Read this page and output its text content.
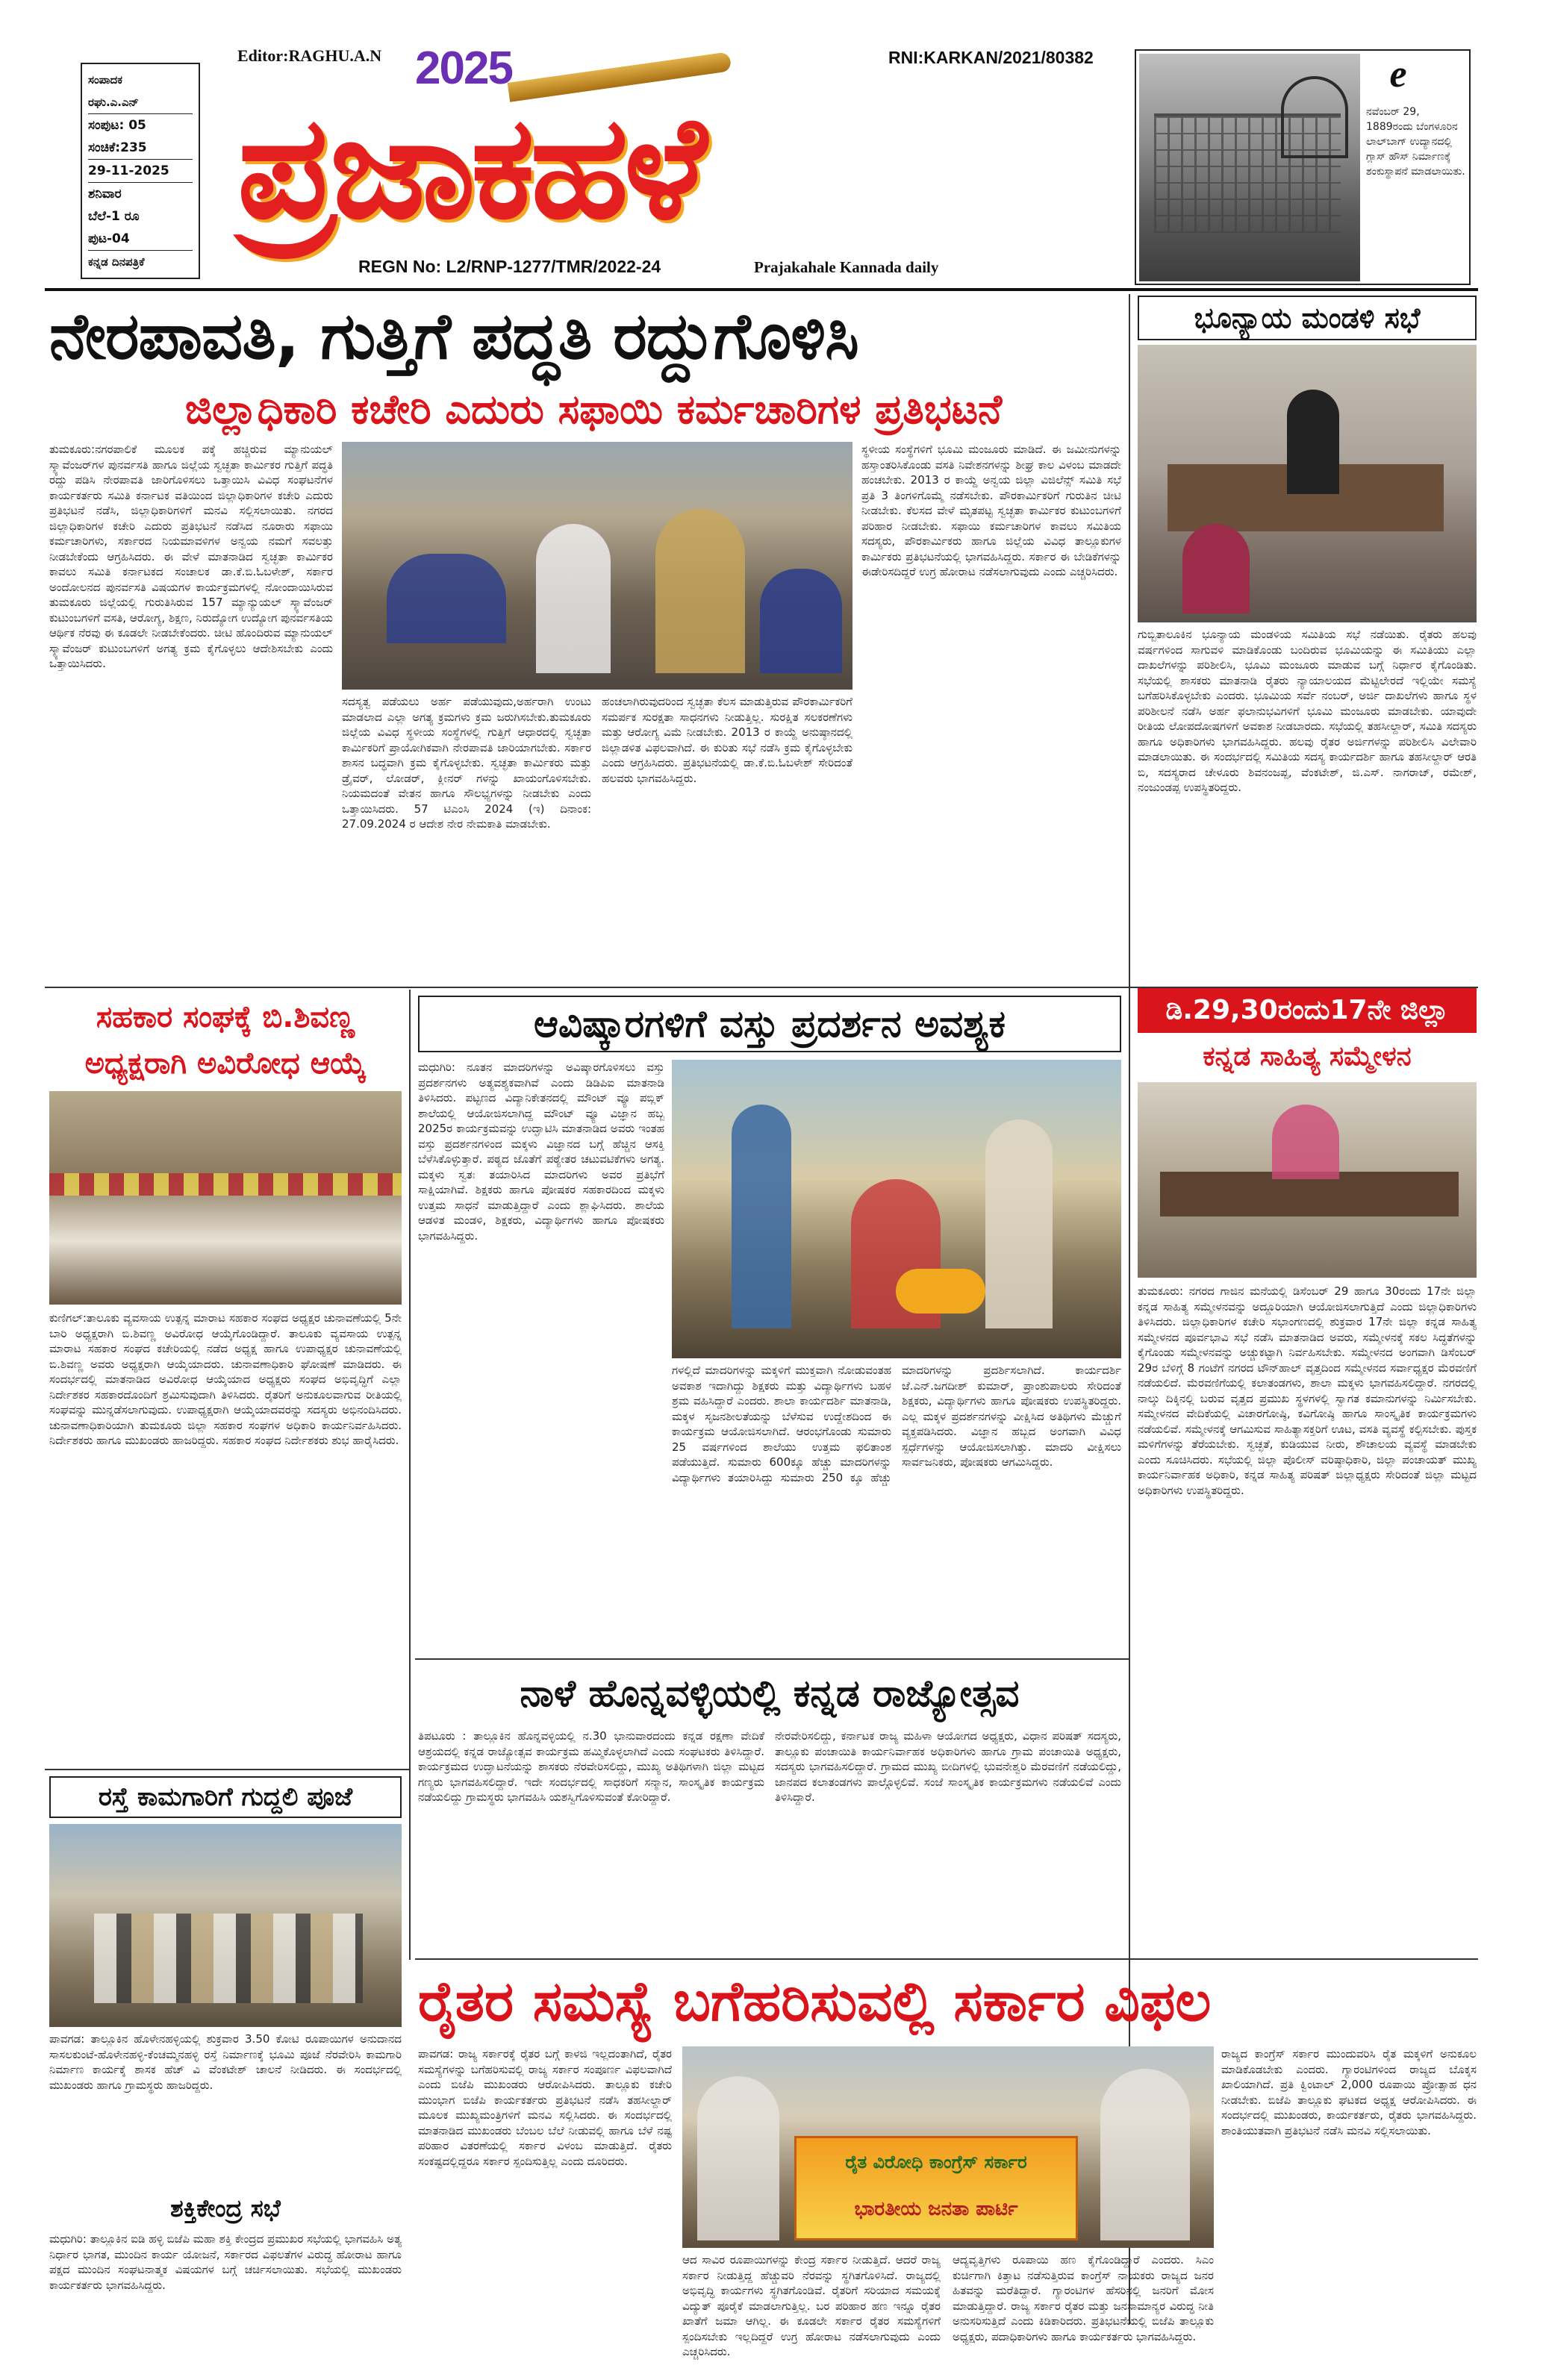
ಸಂಪಾದಕ
ರಘು.ಎ.ಎನ್
ಸಂಪುಟ: 05
ಸಂಚಿಕೆ:235
29-11-2025
ಶನಿವಾರ
ಬೆಲೆ-1 ರೂ
ಪುಟ-04
ಕನ್ನಡ ದಿನಪತ್ರಿಕೆ
Editor:RAGHU.A.N 2025	RNI:KARKAN/2021/80382
ಪ್ರಜಾಕಹಳೆ
REGN No: L2/RNP-1277/TMR/2022-24	Prajakahale Kannada daily
e
ನವೆಂಬರ್ 29, 1889ರಂದು ಬೆಂಗಳೂರಿನ ಲಾಲ್‌ಬಾಗ್ ಉದ್ಯಾನದಲ್ಲಿ ಗ್ಲಾಸ್ ಹೌಸ್ ನಿರ್ಮಾಣಕ್ಕೆ ಶಂಕುಸ್ಥಾಪನೆ ಮಾಡಲಾಯಿತು.
ನೇರಪಾವತಿ, ಗುತ್ತಿಗೆ ಪದ್ಧತಿ ರದ್ದುಗೊಳಿಸಿ
ಜಿಲ್ಲಾಧಿಕಾರಿ ಕಚೇರಿ ಎದುರು ಸಫಾಯಿ ಕರ್ಮಚಾರಿಗಳ ಪ್ರತಿಭಟನೆ
ತುಮಕೂರು:ನಗರಪಾಲಿಕೆ ಮೂಲಕ ಪಕ್ಕೆ ಹಚ್ಚಿರುವ ಮ್ಯಾನುಯಲ್ ಸ್ಕ್ಯಾವೆಂಜರ್‌ಗಳ ಪುನರ್ವಸತಿ ಹಾಗೂ ಜಿಲ್ಲೆಯ ಸ್ವಚ್ಛತಾ ಕಾರ್ಮಿಕರ ಗುತ್ತಿಗೆ ಪದ್ಧತಿ ರದ್ದು ಪಡಿಸಿ ನೇರಪಾವತಿ ಜಾರಿಗೊಳಿಸಲು ಒತ್ತಾಯಿಸಿ ವಿವಿಧ ಸಂಘಟನೆಗಳ ಕಾರ್ಯಕರ್ತರು ಸಮಿತಿ ಕರ್ನಾಟಕ ವತಿಯಿಂದ ಜಿಲ್ಲಾಧಿಕಾರಿಗಳ ಕಚೇರಿ ಎದುರು ಪ್ರತಿಭಟನೆ ನಡೆಸಿ, ಜಿಲ್ಲಾಧಿಕಾರಿಗಳಿಗೆ ಮನವಿ ಸಲ್ಲಿಸಲಾಯಿತು. ನಗರದ ಜಿಲ್ಲಾಧಿಕಾರಿಗಳ ಕಚೇರಿ ಎದುರು ಪ್ರತಿಭಟನೆ ನಡೆಸಿದ ನೂರಾರು ಸಫಾಯಿ ಕರ್ಮಚಾರಿಗಳು, ಸರ್ಕಾರದ ನಿಯಮಾವಳಿಗಳ ಅನ್ವಯ ನಮಗೆ ಸವಲತ್ತು ನೀಡಬೇಕೆಂದು ಆಗ್ರಹಿಸಿದರು. ಈ ವೇಳೆ ಮಾತನಾಡಿದ ಸ್ವಚ್ಛತಾ ಕಾರ್ಮಿಕರ ಕಾವಲು ಸಮಿತಿ ಕರ್ನಾಟಕದ ಸಂಚಾಲಕ ಡಾ.ಕೆ.ಬಿ.ಓಬಳೇಶ್, ಸರ್ಕಾರ ಅಂದೋಲನದ ಪುನರ್ವಸತಿ ವಿಷಯಗಳ ಕಾರ್ಯಕ್ರಮಗಳಲ್ಲಿ ನೋಂದಾಯಿಸಿರುವ ತುಮಕೂರು ಜಿಲ್ಲೆಯಲ್ಲಿ ಗುರುತಿಸಿರುವ 157 ಮ್ಯಾನ್ಯುಯಲ್ ಸ್ಕ್ಯಾವೆಂಜರ್ ಕುಟುಂಬಗಳಿಗೆ ವಸತಿ, ಆರೋಗ್ಯ, ಶಿಕ್ಷಣ, ನಿರುದ್ಯೋಗ ಉದ್ಯೋಗ ಪುನರ್ವಸತಿಯ ಆರ್ಥಿಕ ನೆರವು ಈ ಕೂಡಲೇ ನೀಡಬೇಕೆಂದರು. ಚೀಟಿ ಹೊಂದಿರುವ ಮ್ಯಾನುಯಲ್ ಸ್ಕ್ಯಾವೆಂಜರ್ ಕುಟುಂಬಗಳಿಗೆ ಅಗತ್ಯ ಕ್ರಮ ಕೈಗೊಳ್ಳಲು ಆದೇಶಿಸಬೇಕು ಎಂದು ಒತ್ತಾಯಿಸಿದರು.
ಸದಸ್ಯತ್ವ ಪಡೆಯಲು ಅರ್ಹ ಪಡೆಯುವುದು,ಅರ್ಹರಾಗಿ ಉಂಟು ಮಾಡಲಾದ ಎಲ್ಲಾ ಅಗತ್ಯ ಕ್ರಮಗಳು ಕ್ರಮ ಜರುಗಿಸಬೇಕು.ತುಮಕೂರು ಜಿಲ್ಲೆಯ ವಿವಿಧ ಸ್ಥಳೀಯ ಸಂಸ್ಥೆಗಳಲ್ಲಿ ಗುತ್ತಿಗೆ ಆಧಾರದಲ್ಲಿ ಸ್ವಚ್ಛತಾ ಕಾರ್ಮಿಕರಿಗೆ ಪ್ರಾಯೋಗಿಕವಾಗಿ ನೇರಪಾವತಿ ಜಾರಿಯಾಗಬೇಕು. ಸರ್ಕಾರ ಶಾಸನ ಬದ್ಧವಾಗಿ ಕ್ರಮ ಕೈಗೊಳ್ಳಬೇಕು. ಸ್ವಚ್ಛತಾ ಕಾರ್ಮಿಕರು ಮತ್ತು ಡ್ರೈವರ್, ಲೋಡರ್, ಕ್ಲೀನರ್ ಗಳನ್ನು ಖಾಯಂಗೊಳಿಸಬೇಕು. ನಿಯಮದಂತೆ ವೇತನ ಹಾಗೂ ಸೌಲಭ್ಯಗಳನ್ನು ನೀಡಬೇಕು ಎಂದು ಒತ್ತಾಯಿಸಿದರು. 57 ಟಿಎಂಸಿ 2024 (ಇ) ದಿನಾಂಕ: 27.09.2024 ರ ಆದೇಶ ನೇರ ನೇಮಕಾತಿ ಮಾಡಬೇಕು.
ಹಂಚಲಾಗಿರುವುದರಿಂದ ಸ್ವಚ್ಛತಾ ಕೆಲಸ ಮಾಡುತ್ತಿರುವ ಪೌರಕಾರ್ಮಿಕರಿಗೆ ಸಮರ್ಪಕ ಸುರಕ್ಷತಾ ಸಾಧನಗಳು ನೀಡುತ್ತಿಲ್ಲ. ಸುರಕ್ಷಿತ ಸಲಕರಣೆಗಳು ಮತ್ತು ಆರೋಗ್ಯ ವಿಮೆ ನೀಡಬೇಕು. 2013 ರ ಕಾಯ್ದೆ ಅನುಷ್ಠಾನದಲ್ಲಿ ಜಿಲ್ಲಾಡಳಿತ ವಿಫಲವಾಗಿದೆ. ಈ ಕುರಿತು ಸಭೆ ನಡೆಸಿ ಕ್ರಮ ಕೈಗೊಳ್ಳಬೇಕು ಎಂದು ಆಗ್ರಹಿಸಿದರು. ಪ್ರತಿಭಟನೆಯಲ್ಲಿ ಡಾ.ಕೆ.ಬಿ.ಓಬಳೇಶ್ ಸೇರಿದಂತೆ ಹಲವರು ಭಾಗವಹಿಸಿದ್ದರು.
ಸ್ಥಳೀಯ ಸಂಸ್ಥೆಗಳಿಗೆ ಭೂಮಿ ಮಂಜೂರು ಮಾಡಿದೆ. ಈ ಜಮೀನುಗಳನ್ನು ಹಸ್ತಾಂತರಿಸಿಕೊಂಡು ವಸತಿ ನಿವೇಶನಗಳನ್ನು ಶೀಘ್ರ ಕಾಲ ವಿಳಂಬ ಮಾಡದೇ ಹಂಚಬೇಕು. 2013 ರ ಕಾಯ್ದೆ ಅನ್ವಯ ಜಿಲ್ಲಾ ವಿಜಿಲೆನ್ಸ್ ಸಮಿತಿ ಸಭೆ ಪ್ರತಿ 3 ತಿಂಗಳಿಗೊಮ್ಮೆ ನಡೆಸಬೇಕು. ಪೌರಕಾರ್ಮಿಕರಿಗೆ ಗುರುತಿನ ಚೀಟಿ ನೀಡಬೇಕು. ಕೆಲಸದ ವೇಳೆ ಮೃತಪಟ್ಟ ಸ್ವಚ್ಛತಾ ಕಾರ್ಮಿಕರ ಕುಟುಂಬಗಳಿಗೆ ಪರಿಹಾರ ನೀಡಬೇಕು. ಸಫಾಯಿ ಕರ್ಮಚಾರಿಗಳ ಕಾವಲು ಸಮಿತಿಯ ಸದಸ್ಯರು, ಪೌರಕಾರ್ಮಿಕರು ಹಾಗೂ ಜಿಲ್ಲೆಯ ವಿವಿಧ ತಾಲ್ಲೂಕುಗಳ ಕಾರ್ಮಿಕರು ಪ್ರತಿಭಟನೆಯಲ್ಲಿ ಭಾಗವಹಿಸಿದ್ದರು. ಸರ್ಕಾರ ಈ ಬೇಡಿಕೆಗಳನ್ನು ಈಡೇರಿಸದಿದ್ದರೆ ಉಗ್ರ ಹೋರಾಟ ನಡೆಸಲಾಗುವುದು ಎಂದು ಎಚ್ಚರಿಸಿದರು.
ಭೂನ್ಯಾಯ ಮಂಡಳಿ ಸಭೆ
ಗುಬ್ಬಿತಾಲೂಕಿನ ಭೂನ್ಯಾಯ ಮಂಡಳಿಯ ಸಮಿತಿಯ ಸಭೆ ನಡೆಯಿತು. ರೈತರು ಹಲವು ವರ್ಷಗಳಿಂದ ಸಾಗುವಳಿ ಮಾಡಿಕೊಂಡು ಬಂದಿರುವ ಭೂಮಿಯನ್ನು ಈ ಸಮಿತಿಯು ಎಲ್ಲಾ ದಾಖಲೆಗಳನ್ನು ಪರಿಶೀಲಿಸಿ, ಭೂಮಿ ಮಂಜೂರು ಮಾಡುವ ಬಗ್ಗೆ ನಿರ್ಧಾರ ಕೈಗೊಂಡಿತು. ಸಭೆಯಲ್ಲಿ ಶಾಸಕರು ಮಾತನಾಡಿ ರೈತರು ನ್ಯಾಯಾಲಯದ ಮೆಟ್ಟಿಲೇರದೆ ಇಲ್ಲಿಯೇ ಸಮಸ್ಯೆ ಬಗೆಹರಿಸಿಕೊಳ್ಳಬೇಕು ಎಂದರು. ಭೂಮಿಯ ಸರ್ವೆ ನಂಬರ್, ಅರ್ಜಿ ದಾಖಲೆಗಳು ಹಾಗೂ ಸ್ಥಳ ಪರಿಶೀಲನೆ ನಡೆಸಿ ಅರ್ಹ ಫಲಾನುಭವಿಗಳಿಗೆ ಭೂಮಿ ಮಂಜೂರು ಮಾಡಬೇಕು. ಯಾವುದೇ ರೀತಿಯ ಲೋಪದೋಷಗಳಿಗೆ ಅವಕಾಶ ನೀಡಬಾರದು. ಸಭೆಯಲ್ಲಿ ತಹಸೀಲ್ದಾರ್, ಸಮಿತಿ ಸದಸ್ಯರು ಹಾಗೂ ಅಧಿಕಾರಿಗಳು ಭಾಗವಹಿಸಿದ್ದರು. ಹಲವು ರೈತರ ಅರ್ಜಿಗಳನ್ನು ಪರಿಶೀಲಿಸಿ ವಿಲೇವಾರಿ ಮಾಡಲಾಯಿತು. ಈ ಸಂದರ್ಭದಲ್ಲಿ ಸಮಿತಿಯ ಸದಸ್ಯ ಕಾರ್ಯದರ್ಶಿ ಹಾಗೂ ತಹಸೀಲ್ದಾರ್ ಆರತಿ ಬಿ, ಸದಸ್ಯರಾದ ಚೇಳೂರು ಶಿವನಂಜಪ್ಪ, ವೆಂಕಟೇಶ್, ಜಿ.ಎಸ್. ನಾಗರಾಜ್, ರಮೇಶ್, ನಂಜುಂಡಪ್ಪ ಉಪಸ್ಥಿತರಿದ್ದರು.
ಸಹಕಾರ ಸಂಘಕ್ಕೆ ಬಿ.ಶಿವಣ್ಣ
ಅಧ್ಯಕ್ಷರಾಗಿ ಅವಿರೋಧ ಆಯ್ಕೆ
ಕುಣಿಗಲ್:ತಾಲೂಕು ವ್ಯವಸಾಯ ಉತ್ಪನ್ನ ಮಾರಾಟ ಸಹಕಾರ ಸಂಘದ ಅಧ್ಯಕ್ಷರ ಚುನಾವಣೆಯಲ್ಲಿ 5ನೇ ಬಾರಿ ಅಧ್ಯಕ್ಷರಾಗಿ ಬಿ.ಶಿವಣ್ಣ ಅವಿರೋಧ ಆಯ್ಕೆಗೊಂಡಿದ್ದಾರೆ. ತಾಲೂಕು ವ್ಯವಸಾಯ ಉತ್ಪನ್ನ ಮಾರಾಟ ಸಹಕಾರ ಸಂಘದ ಕಚೇರಿಯಲ್ಲಿ ನಡೆದ ಅಧ್ಯಕ್ಷ ಹಾಗೂ ಉಪಾಧ್ಯಕ್ಷರ ಚುನಾವಣೆಯಲ್ಲಿ ಬಿ.ಶಿವಣ್ಣ ಅವರು ಅಧ್ಯಕ್ಷರಾಗಿ ಆಯ್ಕೆಯಾದರು. ಚುನಾವಣಾಧಿಕಾರಿ ಘೋಷಣೆ ಮಾಡಿದರು. ಈ ಸಂದರ್ಭದಲ್ಲಿ ಮಾತನಾಡಿದ ಅವಿರೋಧ ಆಯ್ಕೆಯಾದ ಅಧ್ಯಕ್ಷರು ಸಂಘದ ಅಭಿವೃದ್ಧಿಗೆ ಎಲ್ಲಾ ನಿರ್ದೇಶಕರ ಸಹಕಾರದೊಂದಿಗೆ ಶ್ರಮಿಸುವುದಾಗಿ ತಿಳಿಸಿದರು. ರೈತರಿಗೆ ಅನುಕೂಲವಾಗುವ ರೀತಿಯಲ್ಲಿ ಸಂಘವನ್ನು ಮುನ್ನಡೆಸಲಾಗುವುದು. ಉಪಾಧ್ಯಕ್ಷರಾಗಿ ಆಯ್ಕೆಯಾದವರನ್ನು ಸದಸ್ಯರು ಅಭಿನಂದಿಸಿದರು. ಚುನಾವಣಾಧಿಕಾರಿಯಾಗಿ ತುಮಕೂರು ಜಿಲ್ಲಾ ಸಹಕಾರ ಸಂಘಗಳ ಅಧಿಕಾರಿ ಕಾರ್ಯನಿರ್ವಹಿಸಿದರು. ನಿರ್ದೇಶಕರು ಹಾಗೂ ಮುಖಂಡರು ಹಾಜರಿದ್ದರು. ಸಹಕಾರ ಸಂಘದ ನಿರ್ದೇಶಕರು ಶುಭ ಹಾರೈಸಿದರು.
ಆವಿಷ್ಕಾರಗಳಿಗೆ ವಸ್ತು ಪ್ರದರ್ಶನ ಅವಶ್ಯಕ
ಮಧುಗಿರಿ: ನೂತನ ಮಾದರಿಗಳನ್ನು ಅವಿಷ್ಕಾರಗೊಳಿಸಲು ವಸ್ತು ಪ್ರದರ್ಶನಗಳು ಅತ್ಯವಶ್ಯಕವಾಗಿವೆ ಎಂದು ಡಿಡಿಪಿಐ ಮಾತನಾಡಿ ತಿಳಿಸಿದರು. ಪಟ್ಟಣದ ವಿದ್ಯಾನಿಕೇತನದಲ್ಲಿ ಮೌಂಟ್ ವ್ಯೂ ಪಬ್ಲಿಕ್ ಶಾಲೆಯಲ್ಲಿ ಆಯೋಜಿಸಲಾಗಿದ್ದ ಮೌಂಟ್ ವ್ಯೂ ವಿಜ್ಞಾನ ಹಬ್ಬ 2025ರ ಕಾರ್ಯಕ್ರಮವನ್ನು ಉದ್ಘಾಟಿಸಿ ಮಾತನಾಡಿದ ಅವರು ಇಂತಹ ವಸ್ತು ಪ್ರದರ್ಶನಗಳಿಂದ ಮಕ್ಕಳು ವಿಜ್ಞಾನದ ಬಗ್ಗೆ ಹೆಚ್ಚಿನ ಆಸಕ್ತಿ ಬೆಳೆಸಿಕೊಳ್ಳುತ್ತಾರೆ. ಪಠ್ಯದ ಜೊತೆಗೆ ಪಠ್ಯೇತರ ಚಟುವಟಿಕೆಗಳು ಅಗತ್ಯ. ಮಕ್ಕಳು ಸ್ವತಃ ತಯಾರಿಸಿದ ಮಾದರಿಗಳು ಅವರ ಪ್ರತಿಭೆಗೆ ಸಾಕ್ಷಿಯಾಗಿವೆ. ಶಿಕ್ಷಕರು ಹಾಗೂ ಪೋಷಕರ ಸಹಕಾರದಿಂದ ಮಕ್ಕಳು ಉತ್ತಮ ಸಾಧನೆ ಮಾಡುತ್ತಿದ್ದಾರೆ ಎಂದು ಶ್ಲಾಘಿಸಿದರು. ಶಾಲೆಯ ಆಡಳಿತ ಮಂಡಳಿ, ಶಿಕ್ಷಕರು, ವಿದ್ಯಾರ್ಥಿಗಳು ಹಾಗೂ ಪೋಷಕರು ಭಾಗವಹಿಸಿದ್ದರು.
ಗಳಲ್ಲಿದೆ ಮಾದರಿಗಳನ್ನು ಮಕ್ಕಳಿಗೆ ಮುಕ್ತವಾಗಿ ನೋಡುವಂತಹ ಅವಕಾಶ ಇದಾಗಿದ್ದು ಶಿಕ್ಷಕರು ಮತ್ತು ವಿದ್ಯಾರ್ಥಿಗಳು ಬಹಳ ಶ್ರಮ ವಹಿಸಿದ್ದಾರೆ ಎಂದರು. ಶಾಲಾ ಕಾರ್ಯದರ್ಶಿ ಮಾತನಾಡಿ, ಮಕ್ಕಳ ಸೃಜನಶೀಲತೆಯನ್ನು ಬೆಳೆಸುವ ಉದ್ದೇಶದಿಂದ ಈ ಕಾರ್ಯಕ್ರಮ ಆಯೋಜಿಸಲಾಗಿದೆ. ಆರಂಭಗೊಂಡು ಸುಮಾರು 25 ವರ್ಷಗಳಿಂದ ಶಾಲೆಯು ಉತ್ತಮ ಫಲಿತಾಂಶ ಪಡೆಯುತ್ತಿದೆ. ಸುಮಾರು 600ಕ್ಕೂ ಹೆಚ್ಚು ಮಾದರಿಗಳನ್ನು ವಿದ್ಯಾರ್ಥಿಗಳು ತಯಾರಿಸಿದ್ದು ಸುಮಾರು 250 ಕ್ಕೂ ಹೆಚ್ಚು ಮಾದರಿಗಳನ್ನು ಪ್ರದರ್ಶಿಸಲಾಗಿದೆ. ಕಾರ್ಯದರ್ಶಿ ಜೆ.ಎನ್.ಜಗದೀಶ್ ಕುಮಾರ್, ಪ್ರಾಂಶುಪಾಲರು ಸೇರಿದಂತೆ ಶಿಕ್ಷಕರು, ವಿದ್ಯಾರ್ಥಿಗಳು ಹಾಗೂ ಪೋಷಕರು ಉಪಸ್ಥಿತರಿದ್ದರು. ಎಲ್ಲ ಮಕ್ಕಳ ಪ್ರದರ್ಶನಗಳನ್ನು ವೀಕ್ಷಿಸಿದ ಅತಿಥಿಗಳು ಮೆಚ್ಚುಗೆ ವ್ಯಕ್ತಪಡಿಸಿದರು. ವಿಜ್ಞಾನ ಹಬ್ಬದ ಅಂಗವಾಗಿ ವಿವಿಧ ಸ್ಪರ್ಧೆಗಳನ್ನು ಆಯೋಜಿಸಲಾಗಿತ್ತು. ಮಾದರಿ ವೀಕ್ಷಿಸಲು ಸಾರ್ವಜನಿಕರು, ಪೋಷಕರು ಆಗಮಿಸಿದ್ದರು.
ಡಿ.29,30ರಂದು17ನೇ ಜಿಲ್ಲಾ
ಕನ್ನಡ ಸಾಹಿತ್ಯ ಸಮ್ಮೇಳನ
ತುಮಕೂರು: ನಗರದ ಗಾಜಿನ ಮನೆಯಲ್ಲಿ ಡಿಸೆಂಬರ್ 29 ಹಾಗೂ 30ರಂದು 17ನೇ ಜಿಲ್ಲಾ ಕನ್ನಡ ಸಾಹಿತ್ಯ ಸಮ್ಮೇಳನವನ್ನು ಅದ್ದೂರಿಯಾಗಿ ಆಯೋಜಿಸಲಾಗುತ್ತಿದೆ ಎಂದು ಜಿಲ್ಲಾಧಿಕಾರಿಗಳು ತಿಳಿಸಿದರು. ಜಿಲ್ಲಾಧಿಕಾರಿಗಳ ಕಚೇರಿ ಸಭಾಂಗಣದಲ್ಲಿ ಶುಕ್ರವಾರ 17ನೇ ಜಿಲ್ಲಾ ಕನ್ನಡ ಸಾಹಿತ್ಯ ಸಮ್ಮೇಳನದ ಪೂರ್ವಭಾವಿ ಸಭೆ ನಡೆಸಿ ಮಾತನಾಡಿದ ಅವರು, ಸಮ್ಮೇಳನಕ್ಕೆ ಸಕಲ ಸಿದ್ಧತೆಗಳನ್ನು ಕೈಗೊಂಡು ಸಮ್ಮೇಳನವನ್ನು ಅಚ್ಚುಕಟ್ಟಾಗಿ ನಿರ್ವಹಿಸಬೇಕು. ಸಮ್ಮೇಳನದ ಅಂಗವಾಗಿ ಡಿಸೆಂಬರ್ 29ರ ಬೆಳಿಗ್ಗೆ 8 ಗಂಟೆಗೆ ನಗರದ ಟೌನ್‌ಹಾಲ್ ವೃತ್ತದಿಂದ ಸಮ್ಮೇಳನದ ಸರ್ವಾಧ್ಯಕ್ಷರ ಮೆರವಣಿಗೆ ನಡೆಯಲಿದೆ. ಮೆರವಣಿಗೆಯಲ್ಲಿ ಕಲಾತಂಡಗಳು, ಶಾಲಾ ಮಕ್ಕಳು ಭಾಗವಹಿಸಲಿದ್ದಾರೆ. ನಗರದಲ್ಲಿ ನಾಲ್ಕು ದಿಕ್ಕಿನಲ್ಲಿ ಬರುವ ವೃತ್ತದ ಪ್ರಮುಖ ಸ್ಥಳಗಳಲ್ಲಿ ಸ್ವಾಗತ ಕಮಾನುಗಳನ್ನು ನಿರ್ಮಿಸಬೇಕು. ಸಮ್ಮೇಳನದ ವೇದಿಕೆಯಲ್ಲಿ ವಿಚಾರಗೋಷ್ಠಿ, ಕವಿಗೋಷ್ಠಿ ಹಾಗೂ ಸಾಂಸ್ಕೃತಿಕ ಕಾರ್ಯಕ್ರಮಗಳು ನಡೆಯಲಿವೆ. ಸಮ್ಮೇಳನಕ್ಕೆ ಆಗಮಿಸುವ ಸಾಹಿತ್ಯಾಸಕ್ತರಿಗೆ ಊಟ, ವಸತಿ ವ್ಯವಸ್ಥೆ ಕಲ್ಪಿಸಬೇಕು. ಪುಸ್ತಕ ಮಳಿಗೆಗಳನ್ನು ತೆರೆಯಬೇಕು. ಸ್ವಚ್ಛತೆ, ಕುಡಿಯುವ ನೀರು, ಶೌಚಾಲಯ ವ್ಯವಸ್ಥೆ ಮಾಡಬೇಕು ಎಂದು ಸೂಚಿಸಿದರು. ಸಭೆಯಲ್ಲಿ ಜಿಲ್ಲಾ ಪೊಲೀಸ್ ವರಿಷ್ಠಾಧಿಕಾರಿ, ಜಿಲ್ಲಾ ಪಂಚಾಯತ್ ಮುಖ್ಯ ಕಾರ್ಯನಿರ್ವಾಹಕ ಅಧಿಕಾರಿ, ಕನ್ನಡ ಸಾಹಿತ್ಯ ಪರಿಷತ್ ಜಿಲ್ಲಾಧ್ಯಕ್ಷರು ಸೇರಿದಂತೆ ಜಿಲ್ಲಾ ಮಟ್ಟದ ಅಧಿಕಾರಿಗಳು ಉಪಸ್ಥಿತರಿದ್ದರು.
ರಸ್ತೆ ಕಾಮಗಾರಿಗೆ ಗುದ್ದಲಿ ಪೂಜೆ
ಪಾವಗಡ: ತಾಲ್ಲೂಕಿನ ಹೊಳೇನಹಳ್ಳಿಯಲ್ಲಿ ಶುಕ್ರವಾರ 3.50 ಕೋಟಿ ರೂಪಾಯಿಗಳ ಅನುದಾನದ ಸಾಸಲಕುಂಟೆ-ಹೊಳೇನಹಳ್ಳಿ-ಕೆಂಚಮ್ಮನಹಳ್ಳಿ ರಸ್ತೆ ನಿರ್ಮಾಣಕ್ಕೆ ಭೂಮಿ ಪೂಜೆ ನೆರವೇರಿಸಿ ಕಾಮಗಾರಿ ನಿರ್ಮಾಣ ಕಾರ್ಯಕ್ಕೆ ಶಾಸಕ ಹೆಚ್ ವಿ ವೆಂಕಟೇಶ್ ಚಾಲನೆ ನೀಡಿದರು. ಈ ಸಂದರ್ಭದಲ್ಲಿ ಮುಖಂಡರು ಹಾಗೂ ಗ್ರಾಮಸ್ಥರು ಹಾಜರಿದ್ದರು.
ಶಕ್ತಿಕೇಂದ್ರ ಸಭೆ
ಮಧುಗಿರಿ: ತಾಲ್ಲೂಕಿನ ಐಡಿ ಹಳ್ಳಿ ಬಿಜೆಪಿ ಮಹಾ ಶಕ್ತಿ ಕೇಂದ್ರದ ಪ್ರಮುಖರ ಸಭೆಯಲ್ಲಿ ಭಾಗವಹಿಸಿ ಅತ್ಯ ನಿರ್ಧಾರ ಭಾಗತ, ಮುಂದಿನ ಕಾರ್ಯ ಯೋಜನೆ, ಸರ್ಕಾರದ ವಿಫಲತೆಗಳ ವಿರುದ್ಧ ಹೋರಾಟ ಹಾಗೂ ಪಕ್ಷದ ಮುಂದಿನ ಸಂಘಟನಾತ್ಮಕ ವಿಷಯಗಳ ಬಗ್ಗೆ ಚರ್ಚಿಸಲಾಯಿತು. ಸಭೆಯಲ್ಲಿ ಮುಖಂಡರು ಕಾರ್ಯಕರ್ತರು ಭಾಗವಹಿಸಿದ್ದರು.
ನಾಳೆ ಹೊನ್ನವಳ್ಳಿಯಲ್ಲಿ ಕನ್ನಡ ರಾಜ್ಯೋತ್ಸವ
ತಿಪಟೂರು : ತಾಲ್ಲೂಕಿನ ಹೊನ್ನವಳ್ಳಿಯಲ್ಲಿ ನ.30 ಭಾನುವಾರದಂದು ಕನ್ನಡ ರಕ್ಷಣಾ ವೇದಿಕೆ ಆಶ್ರಯದಲ್ಲಿ ಕನ್ನಡ ರಾಜ್ಯೋತ್ಸವ ಕಾರ್ಯಕ್ರಮ ಹಮ್ಮಿಕೊಳ್ಳಲಾಗಿದೆ ಎಂದು ಸಂಘಟಕರು ತಿಳಿಸಿದ್ದಾರೆ. ಕಾರ್ಯಕ್ರಮದ ಉದ್ಘಾಟನೆಯನ್ನು ಶಾಸಕರು ನೆರವೇರಿಸಲಿದ್ದು, ಮುಖ್ಯ ಅತಿಥಿಗಳಾಗಿ ಜಿಲ್ಲಾ ಮಟ್ಟದ ಗಣ್ಯರು ಭಾಗವಹಿಸಲಿದ್ದಾರೆ. ಇದೇ ಸಂದರ್ಭದಲ್ಲಿ ಸಾಧಕರಿಗೆ ಸನ್ಮಾನ, ಸಾಂಸ್ಕೃತಿಕ ಕಾರ್ಯಕ್ರಮ ನಡೆಯಲಿದ್ದು ಗ್ರಾಮಸ್ಥರು ಭಾಗವಹಿಸಿ ಯಶಸ್ವಿಗೊಳಿಸುವಂತೆ ಕೋರಿದ್ದಾರೆ.
ನೇರವೇರಿಸಲಿದ್ದು, ಕರ್ನಾಟಕ ರಾಜ್ಯ ಮಹಿಳಾ ಆಯೋಗದ ಅಧ್ಯಕ್ಷರು, ವಿಧಾನ ಪರಿಷತ್ ಸದಸ್ಯರು, ತಾಲ್ಲೂಕು ಪಂಚಾಯಿತಿ ಕಾರ್ಯನಿರ್ವಾಹಕ ಅಧಿಕಾರಿಗಳು ಹಾಗೂ ಗ್ರಾಮ ಪಂಚಾಯಿತಿ ಅಧ್ಯಕ್ಷರು, ಸದಸ್ಯರು ಭಾಗವಹಿಸಲಿದ್ದಾರೆ. ಗ್ರಾಮದ ಮುಖ್ಯ ಬೀದಿಗಳಲ್ಲಿ ಭುವನೇಶ್ವರಿ ಮೆರವಣಿಗೆ ನಡೆಯಲಿದ್ದು, ಜಾನಪದ ಕಲಾತಂಡಗಳು ಪಾಲ್ಗೊಳ್ಳಲಿವೆ. ಸಂಜೆ ಸಾಂಸ್ಕೃತಿಕ ಕಾರ್ಯಕ್ರಮಗಳು ನಡೆಯಲಿವೆ ಎಂದು ತಿಳಿಸಿದ್ದಾರೆ.
ರೈತರ ಸಮಸ್ಯೆ ಬಗೆಹರಿಸುವಲ್ಲಿ ಸರ್ಕಾರ ವಿಫಲ
ಪಾವಗಡ: ರಾಜ್ಯ ಸರ್ಕಾರಕ್ಕೆ ರೈತರ ಬಗ್ಗೆ ಕಾಳಜಿ ಇಲ್ಲದಂತಾಗಿದೆ, ರೈತರ ಸಮಸ್ಯೆಗಳನ್ನು ಬಗೆಹರಿಸುವಲ್ಲಿ ರಾಜ್ಯ ಸರ್ಕಾರ ಸಂಪೂರ್ಣ ವಿಫಲವಾಗಿದೆ ಎಂದು ಬಿಜೆಪಿ ಮುಖಂಡರು ಆರೋಪಿಸಿದರು. ತಾಲ್ಲೂಕು ಕಚೇರಿ ಮುಂಭಾಗ ಬಿಜೆಪಿ ಕಾರ್ಯಕರ್ತರು ಪ್ರತಿಭಟನೆ ನಡೆಸಿ ತಹಸೀಲ್ದಾರ್ ಮೂಲಕ ಮುಖ್ಯಮಂತ್ರಿಗಳಿಗೆ ಮನವಿ ಸಲ್ಲಿಸಿದರು. ಈ ಸಂದರ್ಭದಲ್ಲಿ ಮಾತನಾಡಿದ ಮುಖಂಡರು ಬೆಂಬಲ ಬೆಲೆ ನೀಡುವಲ್ಲಿ ಹಾಗೂ ಬೆಳೆ ನಷ್ಟ ಪರಿಹಾರ ವಿತರಣೆಯಲ್ಲಿ ಸರ್ಕಾರ ವಿಳಂಬ ಮಾಡುತ್ತಿದೆ. ರೈತರು ಸಂಕಷ್ಟದಲ್ಲಿದ್ದರೂ ಸರ್ಕಾರ ಸ್ಪಂದಿಸುತ್ತಿಲ್ಲ ಎಂದು ದೂರಿದರು.	ರೈತ ವಿರೋಧಿ ಕಾಂಗ್ರೆಸ್ ಸರ್ಕಾರ
ಭಾರತೀಯ ಜನತಾ ಪಾರ್ಟಿ
ಆದ ಸಾವಿರ ರೂಪಾಯಿಗಳನ್ನು ಕೇಂದ್ರ ಸರ್ಕಾರ ನೀಡುತ್ತಿದೆ. ಆದರೆ ರಾಜ್ಯ ಸರ್ಕಾರ ನೀಡುತ್ತಿದ್ದ ಹೆಚ್ಚುವರಿ ನೆರವನ್ನು ಸ್ಥಗಿತಗೊಳಿಸಿದೆ. ರಾಜ್ಯದಲ್ಲಿ ಅಭಿವೃದ್ಧಿ ಕಾರ್ಯಗಳು ಸ್ಥಗಿತಗೊಂಡಿವೆ. ರೈತರಿಗೆ ಸರಿಯಾದ ಸಮಯಕ್ಕೆ ವಿದ್ಯುತ್ ಪೂರೈಕೆ ಮಾಡಲಾಗುತ್ತಿಲ್ಲ. ಬರ ಪರಿಹಾರ ಹಣ ಇನ್ನೂ ರೈತರ ಖಾತೆಗೆ ಜಮಾ ಆಗಿಲ್ಲ. ಈ ಕೂಡಲೇ ಸರ್ಕಾರ ರೈತರ ಸಮಸ್ಯೆಗಳಿಗೆ ಸ್ಪಂದಿಸಬೇಕು ಇಲ್ಲದಿದ್ದರೆ ಉಗ್ರ ಹೋರಾಟ ನಡೆಸಲಾಗುವುದು ಎಂದು ಎಚ್ಚರಿಸಿದರು.
ಆದ್ಯವೃತ್ತಿಗಳು ರೂಪಾಯಿ ಹಣ ಕೈಗೊಂಡಿದ್ದಾರೆ ಎಂದರು. ಸಿಎಂ ಕುರ್ಚಿಗಾಗಿ ಕಿತ್ತಾಟ ನಡೆಸುತ್ತಿರುವ ಕಾಂಗ್ರೆಸ್ ನಾಯಕರು ರಾಜ್ಯದ ಜನರ ಹಿತವನ್ನು ಮರೆತಿದ್ದಾರೆ. ಗ್ಯಾರಂಟಿಗಳ ಹೆಸರಿನಲ್ಲಿ ಜನರಿಗೆ ಮೋಸ ಮಾಡುತ್ತಿದ್ದಾರೆ. ರಾಜ್ಯ ಸರ್ಕಾರ ರೈತರ ಮತ್ತು ಜನಸಾಮಾನ್ಯರ ವಿರುದ್ಧ ನೀತಿ ಅನುಸರಿಸುತ್ತಿದೆ ಎಂದು ಕಿಡಿಕಾರಿದರು. ಪ್ರತಿಭಟನೆಯಲ್ಲಿ ಬಿಜೆಪಿ ತಾಲ್ಲೂಕು ಅಧ್ಯಕ್ಷರು, ಪದಾಧಿಕಾರಿಗಳು ಹಾಗೂ ಕಾರ್ಯಕರ್ತರು ಭಾಗವಹಿಸಿದ್ದರು.
ರಾಜ್ಯದ ಕಾಂಗ್ರೆಸ್ ಸರ್ಕಾರ ಮುಂದುವರಿಸಿ ರೈತ ಮಕ್ಕಳಿಗೆ ಅನುಕೂಲ ಮಾಡಿಕೊಡಬೇಕು ಎಂದರು. ಗ್ಯಾರಂಟಿಗಳಿಂದ ರಾಜ್ಯದ ಬೊಕ್ಕಸ ಖಾಲಿಯಾಗಿದೆ. ಪ್ರತಿ ಕ್ವಿಂಟಾಲ್ 2,000 ರೂಪಾಯಿ ಪ್ರೋತ್ಸಾಹ ಧನ ನೀಡಬೇಕು. ಬಿಜೆಪಿ ತಾಲ್ಲೂಕು ಘಟಕದ ಅಧ್ಯಕ್ಷ ಆರೋಪಿಸಿದರು. ಈ ಸಂದರ್ಭದಲ್ಲಿ ಮುಖಂಡರು, ಕಾರ್ಯಕರ್ತರು, ರೈತರು ಭಾಗವಹಿಸಿದ್ದರು. ಶಾಂತಿಯುತವಾಗಿ ಪ್ರತಿಭಟನೆ ನಡೆಸಿ ಮನವಿ ಸಲ್ಲಿಸಲಾಯಿತು.
